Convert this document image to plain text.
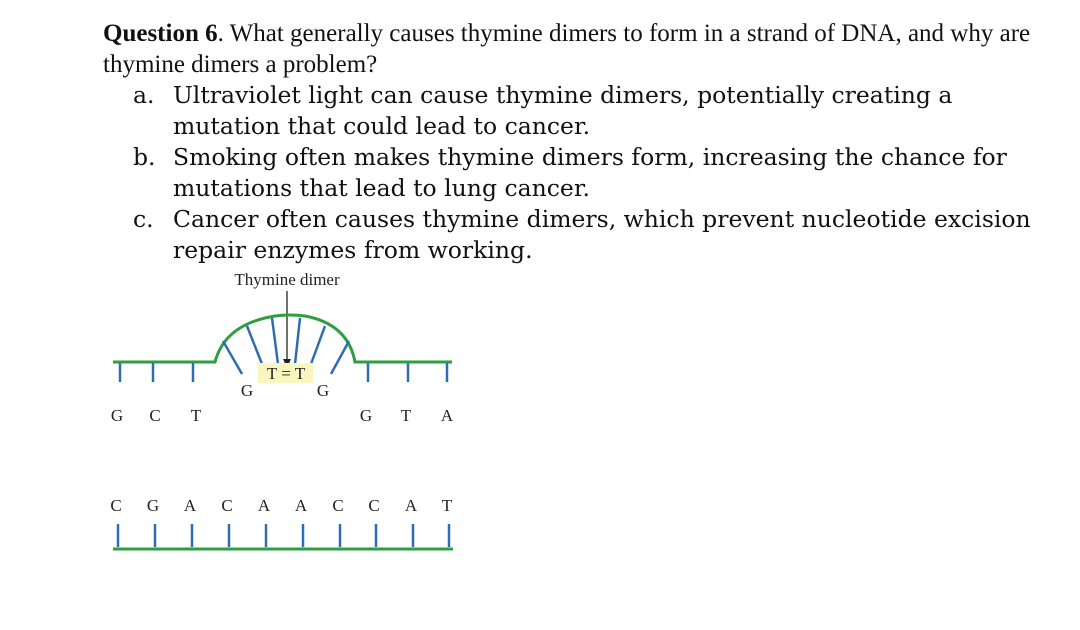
Question 6. What generally causes thymine dimers to form in a strand of DNA, and why are thymine dimers a problem?
a. Ultraviolet light can cause thymine dimers, potentially creating a mutation that could lead to cancer.
b. Smoking often makes thymine dimers form, increasing the chance for mutations that lead to lung cancer.
c. Cancer often causes thymine dimers, which prevent nucleotide excision repair enzymes from working.
Thymine dimer
T = T
G C T
G	G
G T A
C G A C A A C C A T
